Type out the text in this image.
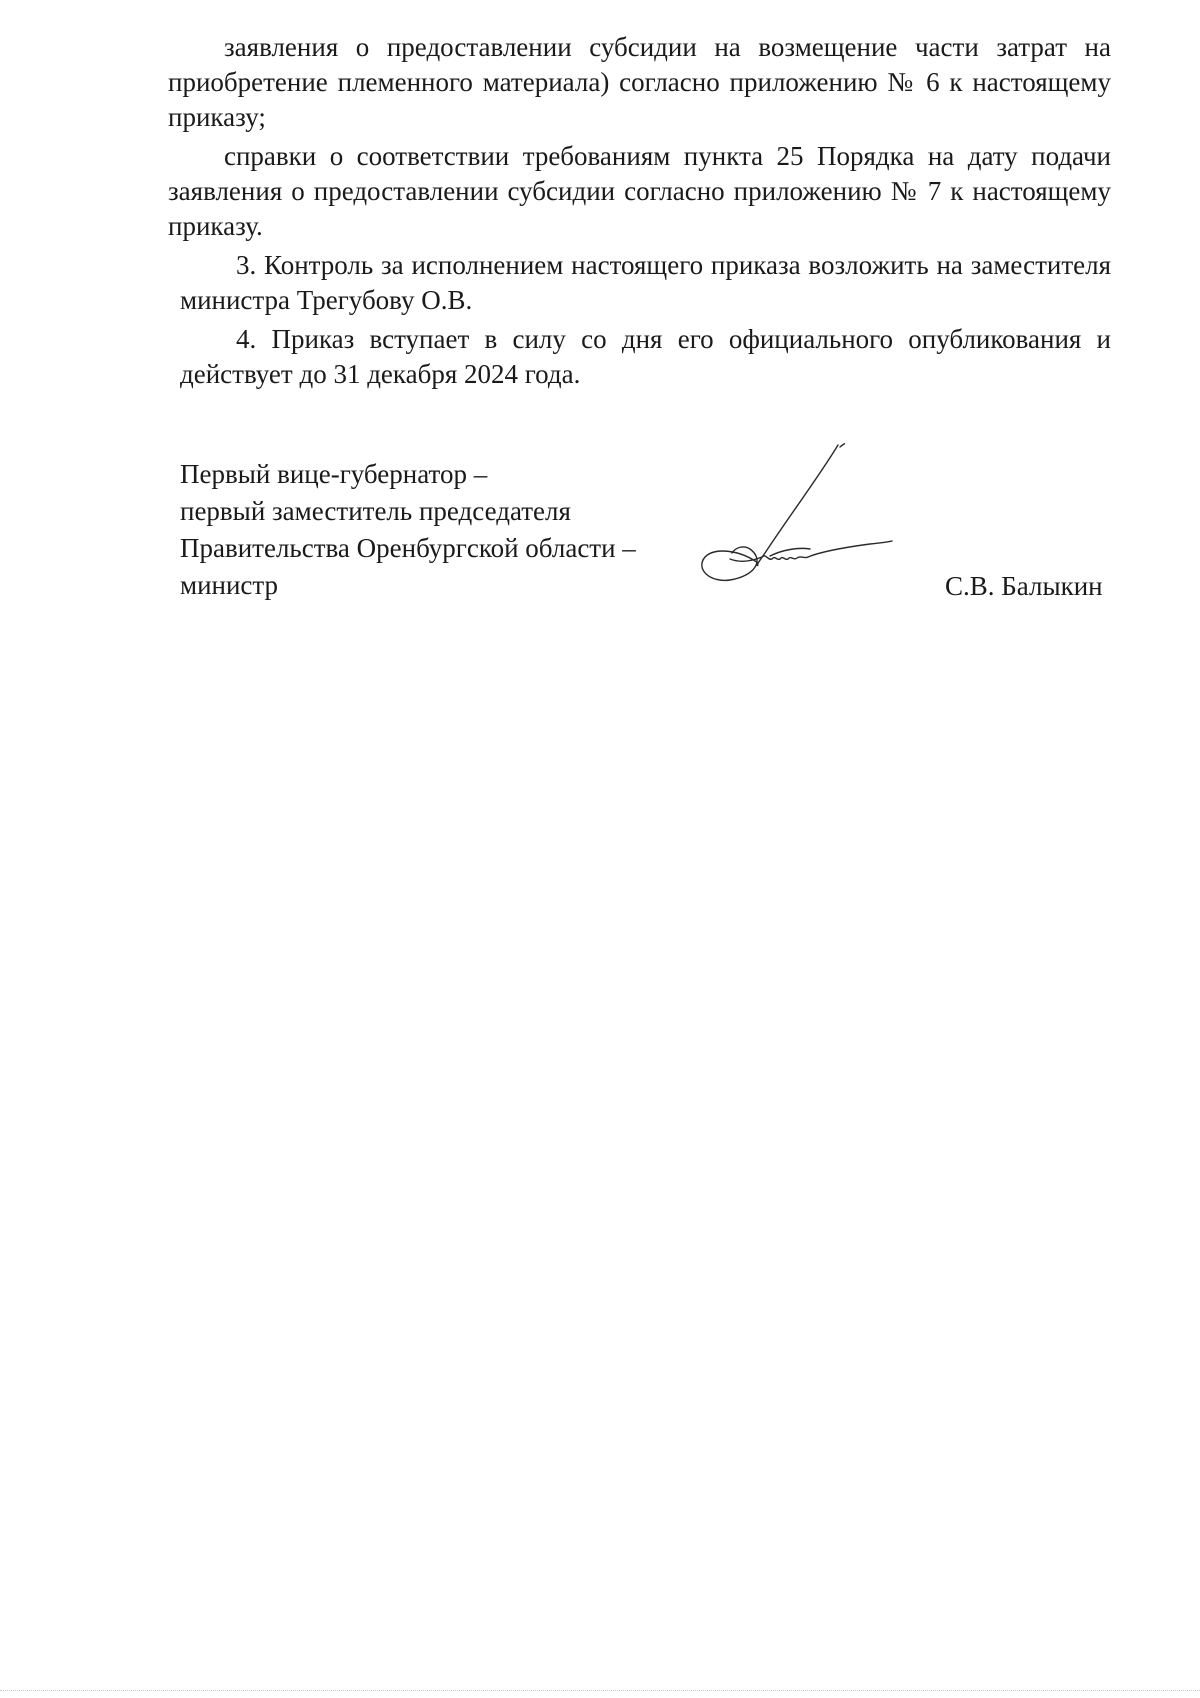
заявления о предоставлении субсидии на возмещение части затрат на приобретение племенного материала) согласно приложению № 6 к настоящему приказу;

справки о соответствии требованиям пункта 25 Порядка на дату подачи заявления о предоставлении субсидии согласно приложению № 7 к настоящему приказу.

3. Контроль за исполнением настоящего приказа возложить на заместителя министра Трегубову О.В.

4. Приказ вступает в силу со дня его официального опубликования и действует до 31 декабря 2024 года.

Первый вице-губернатор –
первый заместитель председателя
Правительства Оренбургской области –
министр	С.В. Балыкин
